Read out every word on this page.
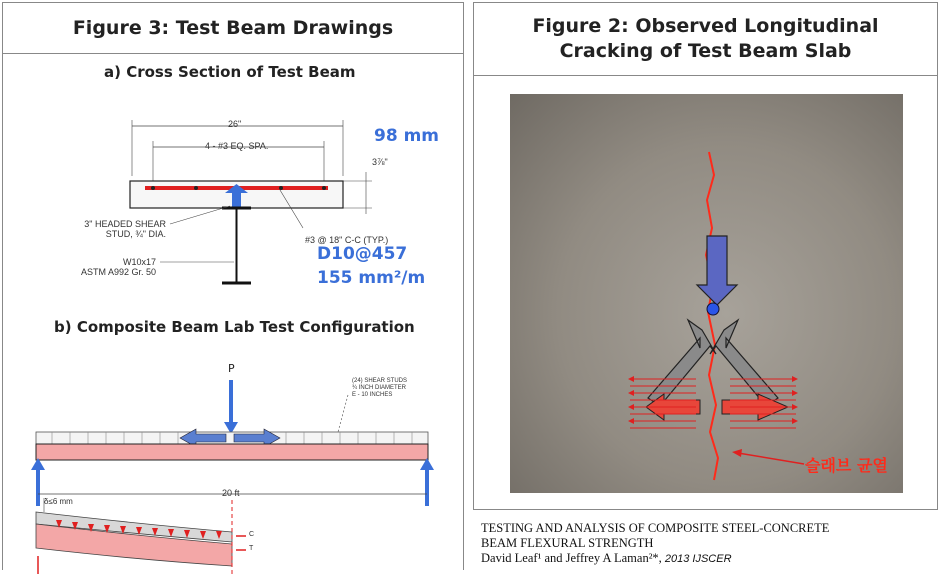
Figure 3: Test Beam Drawings
a) Cross Section of Test Beam
26"
4 - #3 EQ. SPA.
3⅞"
3" HEADED SHEAR
STUD, ¾" DIA.
W10x17
ASTM A992 Gr. 50
#3 @ 18" C-C (TYP.)
98 mm
D10@457
155 mm²/m
b) Composite Beam Lab Test Configuration
P
(24) SHEAR STUDS
¾ INCH DIAMETER
E - 10 INCHES
20 ft
δ≤6 mm
C
T
Figure 2: Observed Longitudinal
Cracking of Test Beam Slab
슬래브 균열
TESTING AND ANALYSIS OF COMPOSITE STEEL-CONCRETE
BEAM FLEXURAL STRENGTH
David Leaf¹ and Jeffrey A Laman²*, 2013 IJSCER
